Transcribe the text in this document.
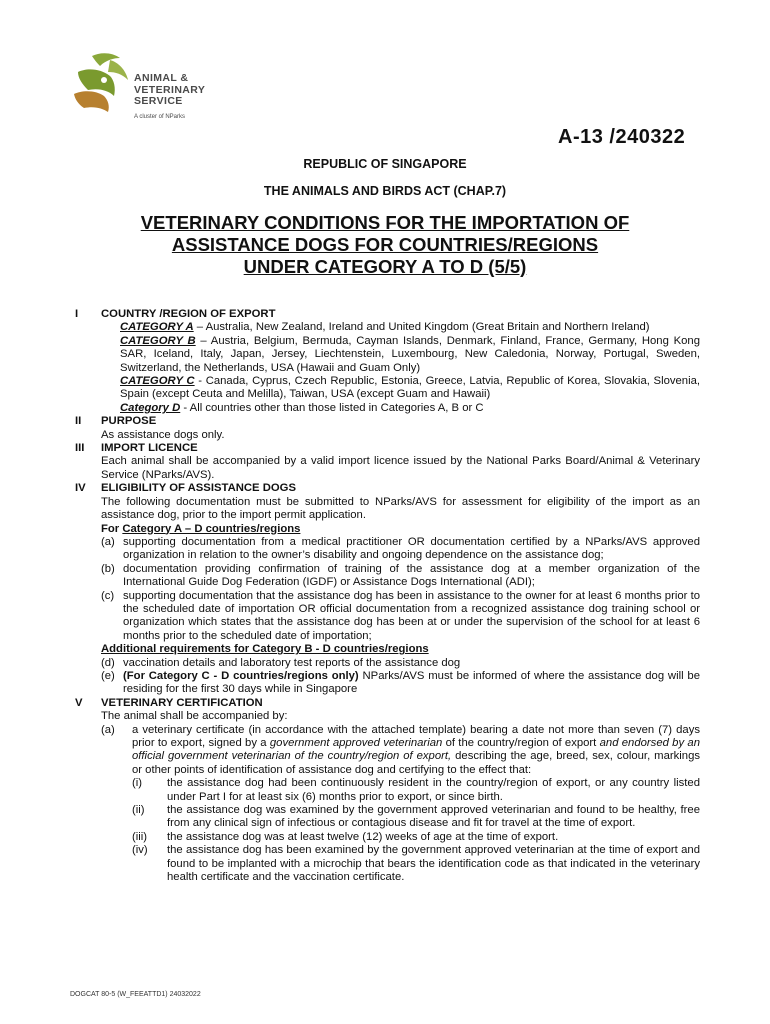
ANIMAL &
VETERINARY
SERVICE
A cluster of NParks
A-13 /240322
REPUBLIC OF SINGAPORE
THE ANIMALS AND BIRDS ACT (CHAP.7)
VETERINARY CONDITIONS FOR THE IMPORTATION OF
ASSISTANCE DOGS FOR COUNTRIES/REGIONS
UNDER CATEGORY A TO D (5/5)
I COUNTRY /REGION OF EXPORT
CATEGORY A – Australia, New Zealand, Ireland and United Kingdom (Great Britain and Northern Ireland)
CATEGORY B – Austria, Belgium, Bermuda, Cayman Islands, Denmark, Finland, France, Germany, Hong Kong SAR, Iceland, Italy, Japan, Jersey, Liechtenstein, Luxembourg, New Caledonia, Norway, Portugal, Sweden, Switzerland, the Netherlands, USA (Hawaii and Guam Only)
CATEGORY C - Canada, Cyprus, Czech Republic, Estonia, Greece, Latvia, Republic of Korea, Slovakia, Slovenia, Spain (except Ceuta and Melilla), Taiwan, USA (except Guam and Hawaii)
Category D - All countries other than those listed in Categories A, B or C
II PURPOSE
As assistance dogs only.
III IMPORT LICENCE
Each animal shall be accompanied by a valid import licence issued by the National Parks Board/Animal & Veterinary Service (NParks/AVS).
IV ELIGIBILITY OF ASSISTANCE DOGS
The following documentation must be submitted to NParks/AVS for assessment for eligibility of the import as an assistance dog, prior to the import permit application.
For Category A – D countries/regions
(a) supporting documentation from a medical practitioner OR documentation certified by a NParks/AVS approved organization in relation to the owner’s disability and ongoing dependence on the assistance dog;
(b) documentation providing confirmation of training of the assistance dog at a member organization of the International Guide Dog Federation (IGDF) or Assistance Dogs International (ADI);
(c) supporting documentation that the assistance dog has been in assistance to the owner for at least 6 months prior to the scheduled date of importation OR official documentation from a recognized assistance dog training school or organization which states that the assistance dog has been at or under the supervision of the school for at least 6 months prior to the scheduled date of importation;
Additional requirements for Category B - D countries/regions
(d) vaccination details and laboratory test reports of the assistance dog
(e) (For Category C - D countries/regions only) NParks/AVS must be informed of where the assistance dog will be residing for the first 30 days while in Singapore
V VETERINARY CERTIFICATION
The animal shall be accompanied by:
(a) a veterinary certificate (in accordance with the attached template) bearing a date not more than seven (7) days prior to export, signed by a government approved veterinarian of the country/region of export and endorsed by an official government veterinarian of the country/region of export, describing the age, breed, sex, colour, markings or other points of identification of assistance dog and certifying to the effect that:
(i) the assistance dog had been continuously resident in the country/region of export, or any country listed under Part I for at least six (6) months prior to export, or since birth.
(ii) the assistance dog was examined by the government approved veterinarian and found to be healthy, free from any clinical sign of infectious or contagious disease and fit for travel at the time of export.
(iii) the assistance dog was at least twelve (12) weeks of age at the time of export.
(iv) the assistance dog has been examined by the government approved veterinarian at the time of export and found to be implanted with a microchip that bears the identification code as that indicated in the veterinary health certificate and the vaccination certificate.
DOGCAT 80-5 (W_FEEATTD1) 24032022
